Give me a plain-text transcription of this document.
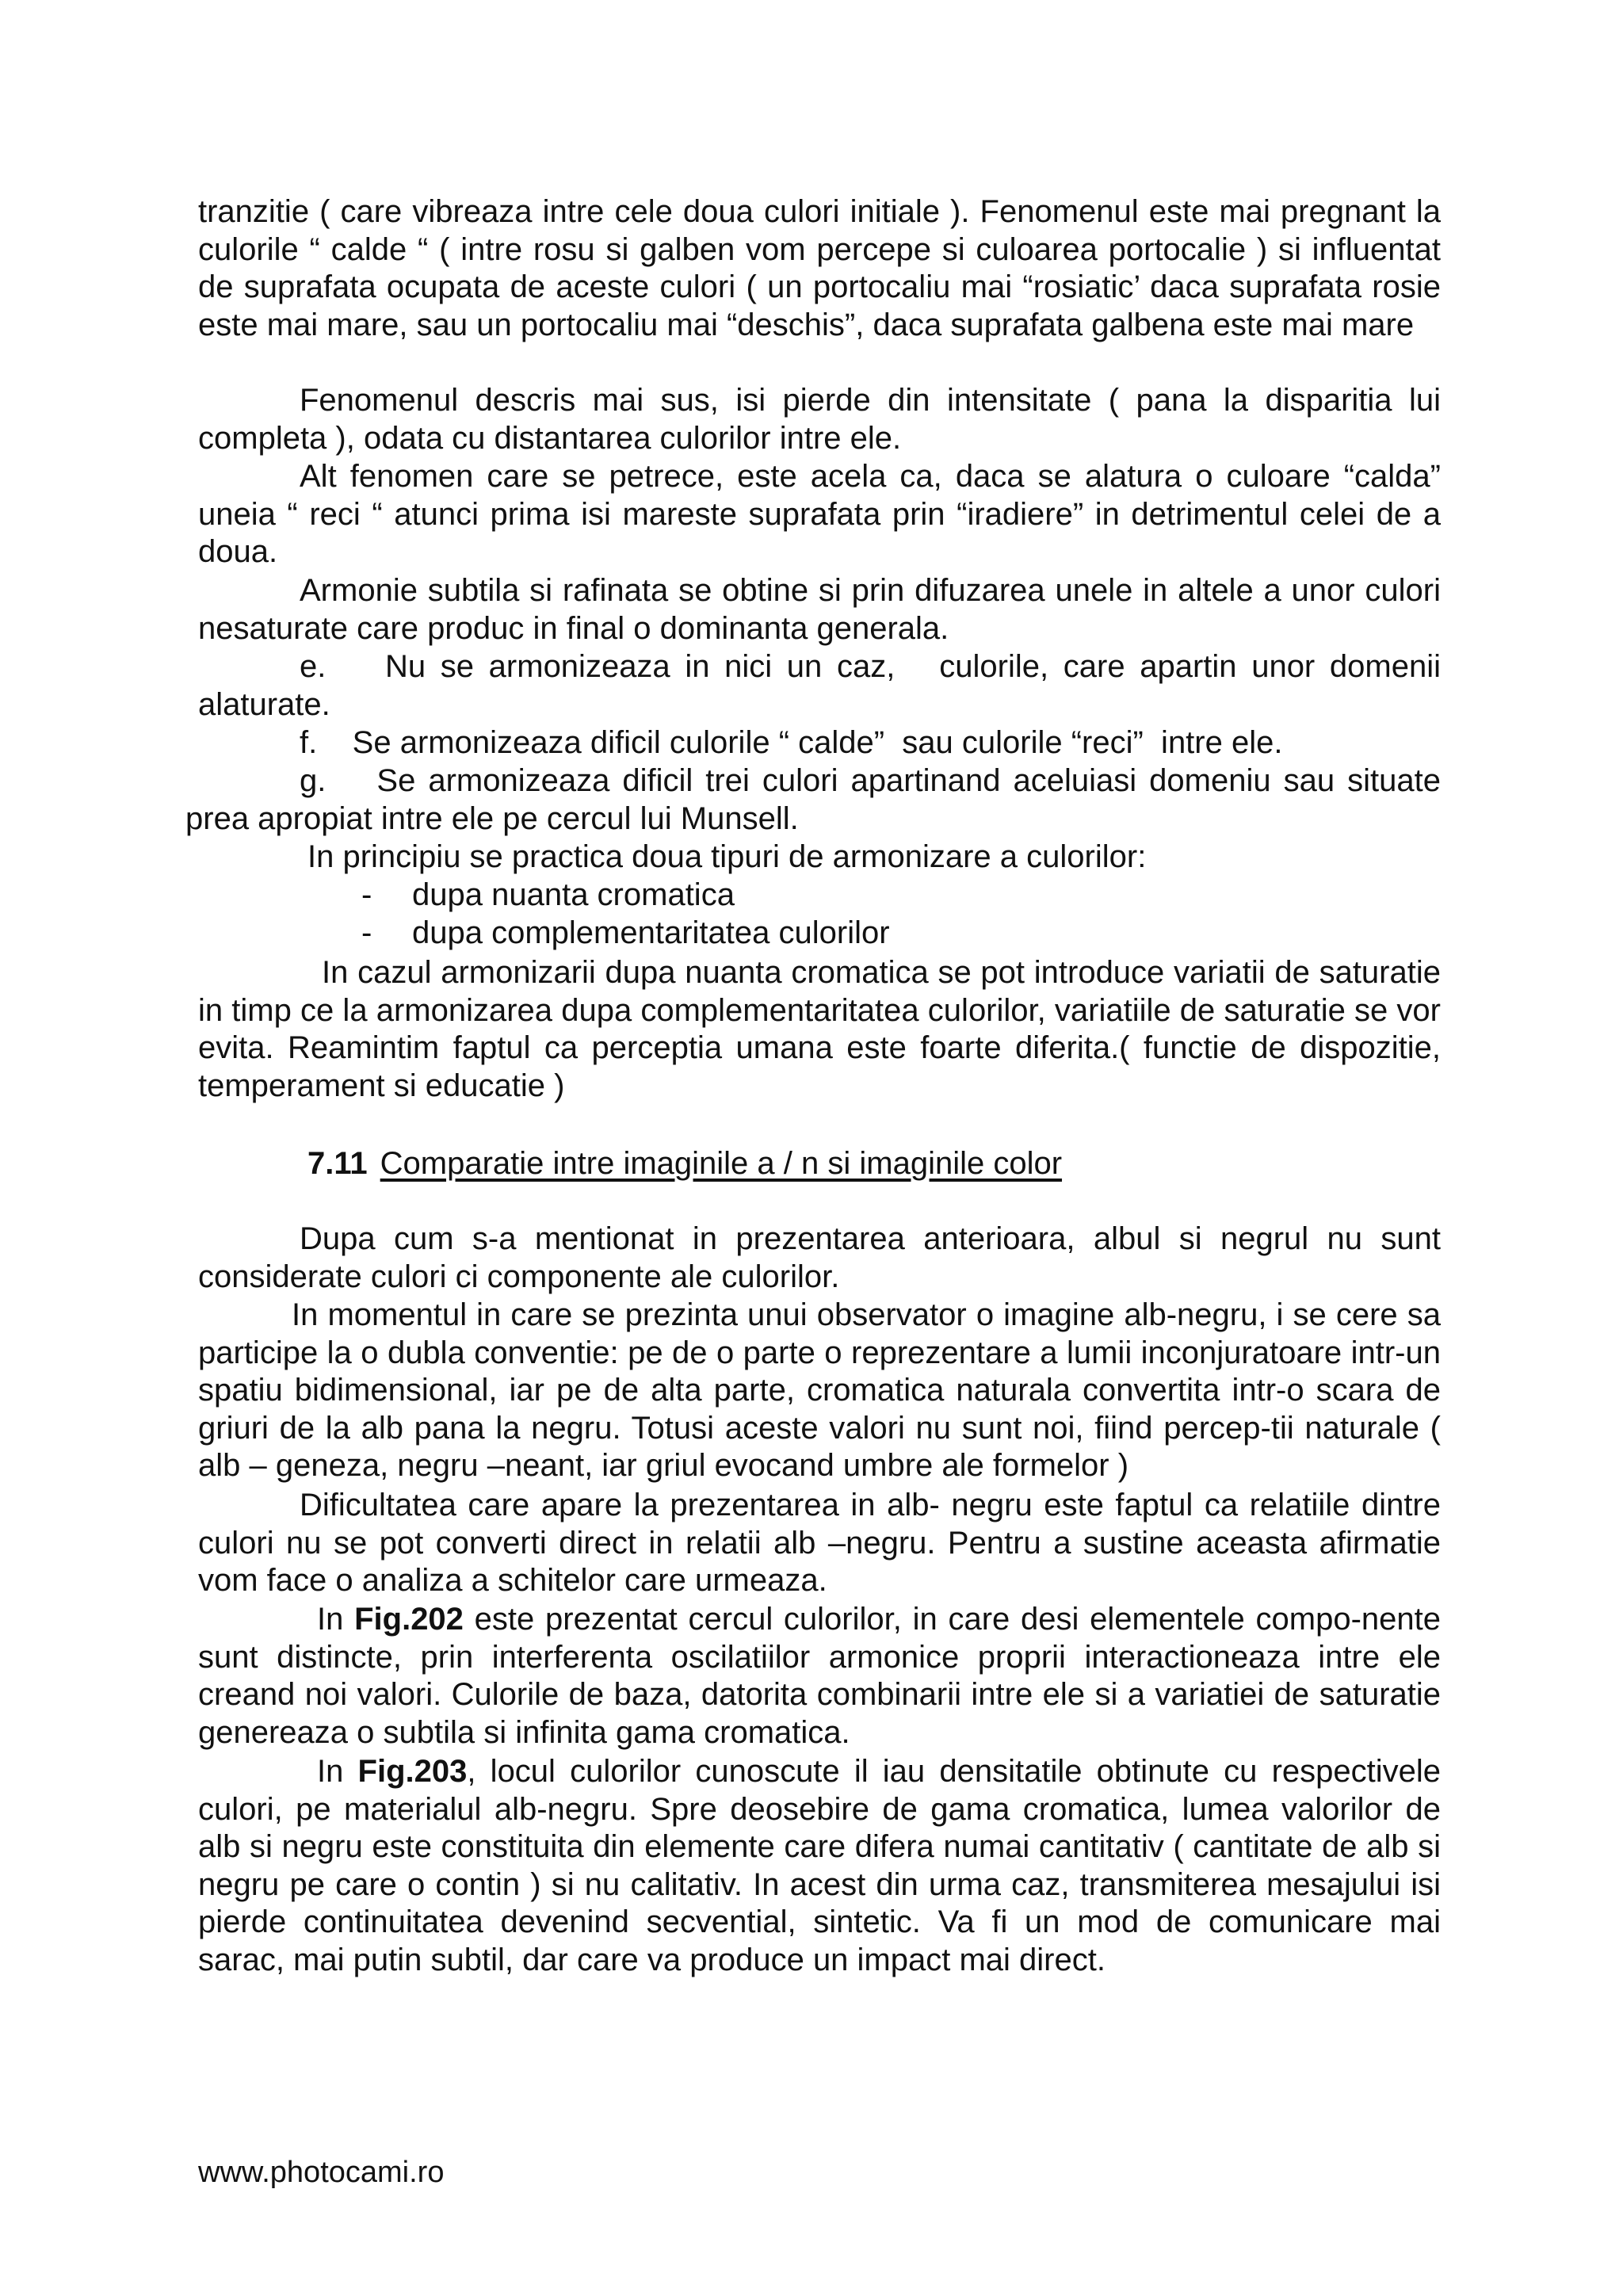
tranzitie ( care vibreaza intre cele doua culori initiale ). Fenomenul este mai pregnant la culorile “ calde “ ( intre rosu si galben vom percepe si culoarea portocalie ) si influentat de suprafata ocupata de aceste culori ( un portocaliu mai “rosiatic’ daca suprafata rosie este mai mare, sau un portocaliu mai “deschis”, daca suprafata galbena este mai mare

Fenomenul descris mai sus, isi pierde din intensitate ( pana la disparitia lui completa ), odata cu distantarea culorilor intre ele.

Alt fenomen care se petrece, este acela ca, daca se alatura o culoare “calda” uneia “ reci “ atunci prima isi mareste suprafata prin “iradiere” in detrimentul celei de a doua.

Armonie subtila si rafinata se obtine si prin difuzarea unele in altele a unor culori nesaturate care produc in final o dominanta generala.

e.    Nu se armonizeaza in nici un caz,   culorile, care apartin unor domenii alaturate.

f.    Se armonizeaza dificil culorile “ calde”  sau culorile “reci”  intre ele.

g.    Se armonizeaza dificil trei culori apartinand aceluiasi domeniu sau situate prea apropiat intre ele pe cercul lui Munsell.

In principiu se practica doua tipuri de armonizare a culorilor:

- dupa nuanta cromatica
- dupa complementaritatea culorilor

In cazul armonizarii dupa nuanta cromatica se pot introduce variatii de saturatie in timp ce la armonizarea dupa complementaritatea culorilor, variatiile de saturatie se vor evita. Reamintim faptul ca perceptia umana este foarte diferita.( functie de dispozitie, temperament si educatie )

7.11 Comparatie intre imaginile a / n si imaginile color

Dupa cum s-a mentionat in prezentarea anterioara, albul si negrul nu sunt considerate culori ci componente ale culorilor.

In momentul in care se prezinta unui observator o imagine alb-negru, i se cere sa participe la o dubla conventie: pe de o parte o reprezentare a lumii inconjuratoare intr-un spatiu bidimensional, iar pe de alta parte, cromatica naturala convertita intr-o scara de griuri de la alb pana la negru. Totusi aceste valori nu sunt noi, fiind percep-tii naturale ( alb – geneza, negru –neant, iar griul evocand umbre ale formelor )

Dificultatea care apare la prezentarea in alb- negru este faptul ca relatiile dintre culori nu se pot converti direct in relatii alb –negru. Pentru a sustine aceasta afirmatie vom face o analiza a schitelor care urmeaza.

In Fig.202 este prezentat cercul culorilor, in care desi elementele compo-nente sunt distincte, prin interferenta oscilatiilor armonice proprii interactioneaza intre ele creand noi valori. Culorile de baza, datorita combinarii intre ele si a variatiei de saturatie genereaza o subtila si infinita gama cromatica.

In Fig.203, locul culorilor cunoscute il iau densitatile obtinute cu respectivele culori, pe materialul alb-negru. Spre deosebire de gama cromatica, lumea valorilor de alb si negru este constituita din elemente care difera numai cantitativ ( cantitate de alb si negru pe care o contin ) si nu calitativ. In acest din urma caz, transmiterea mesajului isi pierde continuitatea devenind secvential, sintetic. Va fi un mod de comunicare mai sarac, mai putin subtil, dar care va produce un impact mai direct.

www.photocami.ro
